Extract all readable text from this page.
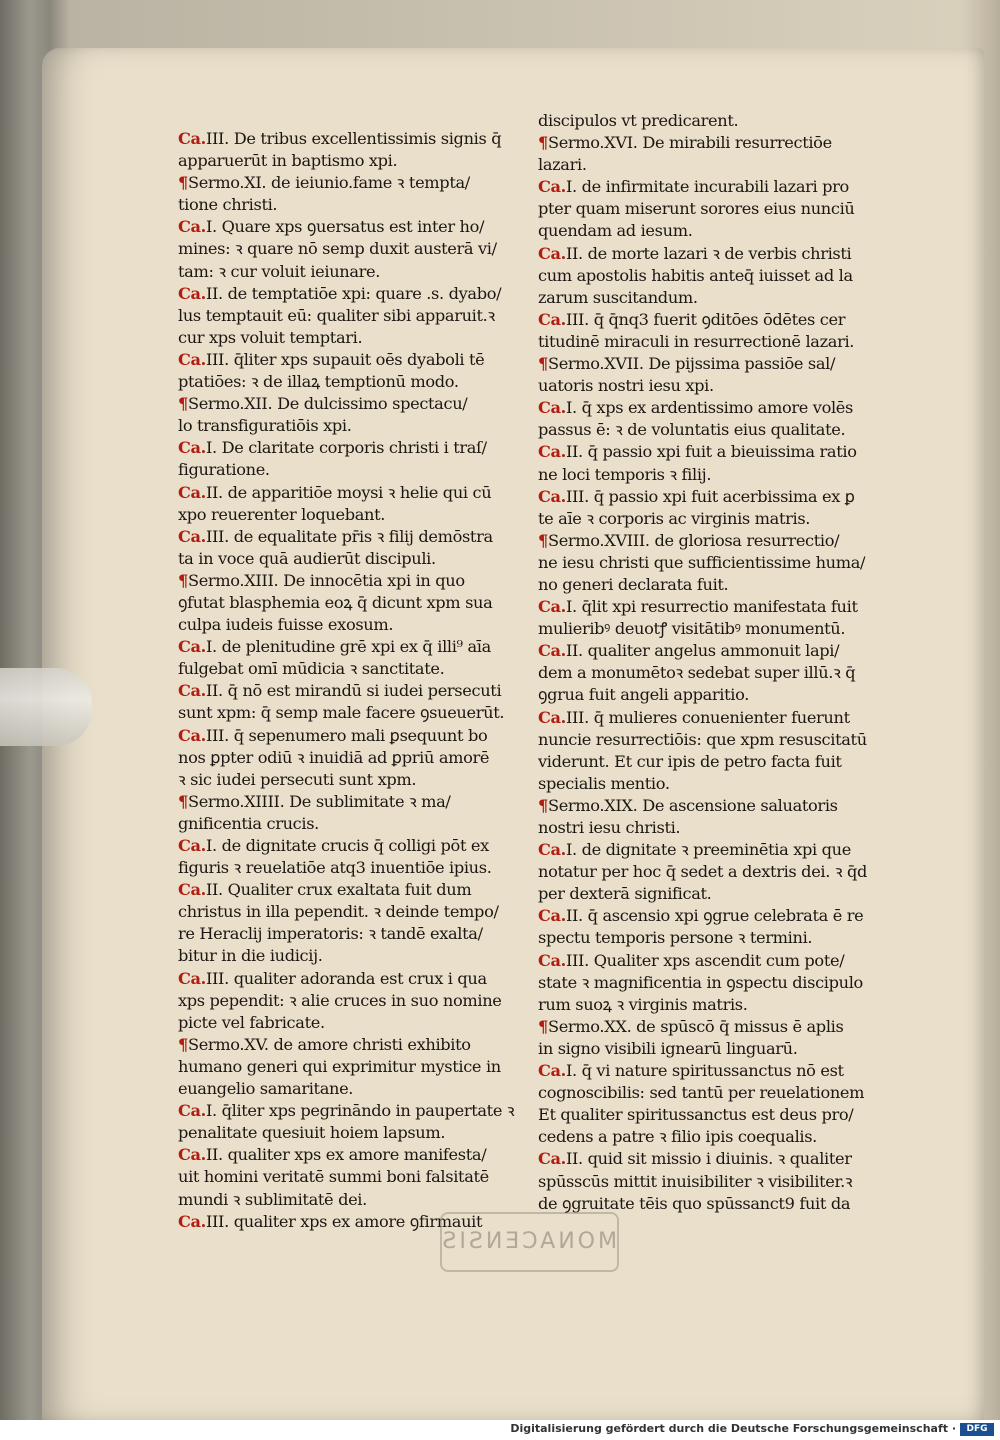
Ca.III. De tribus excellentissimis signis q̄
apparuerūt in baptismo xpi.
¶Sermo.XI. de ieiunio.fame ꝛ tempta/
tione christi.
Ca.I. Quare xps ꝯuersatus est inter ho/
mines: ꝛ quare nō semp duxit austerā vi/
tam: ꝛ cur voluit ieiunare.
Ca.II. de temptatiōe xpi: quare .s. dyabo/
lus temptauit eū: qualiter sibi apparuit.ꝛ
cur xps voluit temptari.
Ca.III. q̄liter xps supauit oēs dyaboli tē
ptatiōes: ꝛ de illaꝝ temptionū modo.
¶Sermo.XII. De dulcissimo spectacu/
lo transfiguratiōis xpi.
Ca.I. De claritate corporis christi i traſ/
figuratione.
Ca.II. de apparitiōe moysi ꝛ helie qui cū
xpo reuerenter loquebant.
Ca.III. de equalitate pr̄is ꝛ filij demōstra
ta in voce quā audierūt discipuli.
¶Sermo.XIII. De innocētia xpi in quo
ꝯfutat blasphemia eoꝝ q̄ dicunt xpm sua
culpa iudeis fuisse exosum.
Ca.I. de plenitudine grē xpi ex q̄ illi⁹ aīa
fulgebat omī mūdicia ꝛ sanctitate.
Ca.II. q̄ nō est mirandū si iudei persecuti
sunt xpm: q̄ semp male facere ꝯsueuerūt.
Ca.III. q̄ sepenumero mali ꝑsequunt bo
nos ꝑpter odiū ꝛ inuidiā ad ꝑpriū amorē
ꝛ sic iudei persecuti sunt xpm.
¶Sermo.XIIII. De sublimitate ꝛ ma/
gnificentia crucis.
Ca.I. de dignitate crucis q̄ colligi pōt ex
figuris ꝛ reuelatiōe atq3 inuentiōe ipius.
Ca.II. Qualiter crux exaltata fuit dum
christus in illa pependit. ꝛ deinde tempo/
re Heraclij imperatoris: ꝛ tandē exalta/
bitur in die iudicij.
Ca.III. qualiter adoranda est crux i qua
xps pependit: ꝛ alie cruces in suo nomine
picte vel fabricate.
¶Sermo.XV. de amore christi exhibito
humano generi qui exprimitur mystice in
euangelio samaritane.
Ca.I. q̄liter xps pegrināndo in paupertate ꝛ
penalitate quesiuit hoiem lapsum.
Ca.II. qualiter xps ex amore manifesta/
uit homini veritatē summi boni falsitatē
mundi ꝛ sublimitatē dei.
Ca.III. qualiter xps ex amore ꝯfirmauit
discipulos vt predicarent.
¶Sermo.XVI. De mirabili resurrectiōe
lazari.
Ca.I. de infirmitate incurabili lazari pro
pter quam miserunt sorores eius nunciū
quendam ad iesum.
Ca.II. de morte lazari ꝛ de verbis christi
cum apostolis habitis anteq̄ iuisset ad la
zarum suscitandum.
Ca.III. q̄ q̄nq3 fuerit ꝯditōes ōdētes cer
titudinē miraculi in resurrectionē lazari.
¶Sermo.XVII. De pijssima passiōe sal/
uatoris nostri iesu xpi.
Ca.I. q̄ xps ex ardentissimo amore volēs
passus ē: ꝛ de voluntatis eius qualitate.
Ca.II. q̄ passio xpi fuit a bieuissima ratio
ne loci temporis ꝛ filij.
Ca.III. q̄ passio xpi fuit acerbissima ex ꝑ
te aīe ꝛ corporis ac virginis matris.
¶Sermo.XVIII. de gloriosa resurrectio/
ne iesu christi que sufficientissime huma/
no generi declarata fuit.
Ca.I. q̄lit xpi resurrectio manifestata fuit
mulieribꝰ deuotꝭ visitātibꝰ monumentū.
Ca.II. qualiter angelus ammonuit lapi/
dem a monumētoꝛ sedebat super illū.ꝛ q̄
ꝯgrua fuit angeli apparitio.
Ca.III. q̄ mulieres conuenienter fuerunt
nuncie resurrectiōis: que xpm resuscitatū
viderunt. Et cur ipis de petro facta fuit
specialis mentio.
¶Sermo.XIX. De ascensione saluatoris
nostri iesu christi.
Ca.I. de dignitate ꝛ preeminētia xpi que
notatur per hoc q̄ sedet a dextris dei. ꝛ q̄d
per dexterā significat.
Ca.II. q̄ ascensio xpi ꝯgrue celebrata ē re
spectu temporis persone ꝛ termini.
Ca.III. Qualiter xps ascendit cum pote/
state ꝛ magnificentia in ꝯspectu discipulo
rum suoꝝ ꝛ virginis matris.
¶Sermo.XX. de spūscō q̄ missus ē aplis
in signo visibili ignearū linguarū.
Ca.I. q̄ vi nature spiritussanctus nō est
cognoscibilis: sed tantū per reuelationem
Et qualiter spiritussanctus est deus pro/
cedens a patre ꝛ filio ipis coequalis.
Ca.II. quid sit missio i diuinis. ꝛ qualiter
spūsscūs mittit inuisibiliter ꝛ visibiliter.ꝛ
de ꝯgruitate tēis quo spūssanct9 fuit da
MONACENSIS
Digitalisierung gefördert durch die Deutsche Forschungsgemeinschaft ·	DFG
